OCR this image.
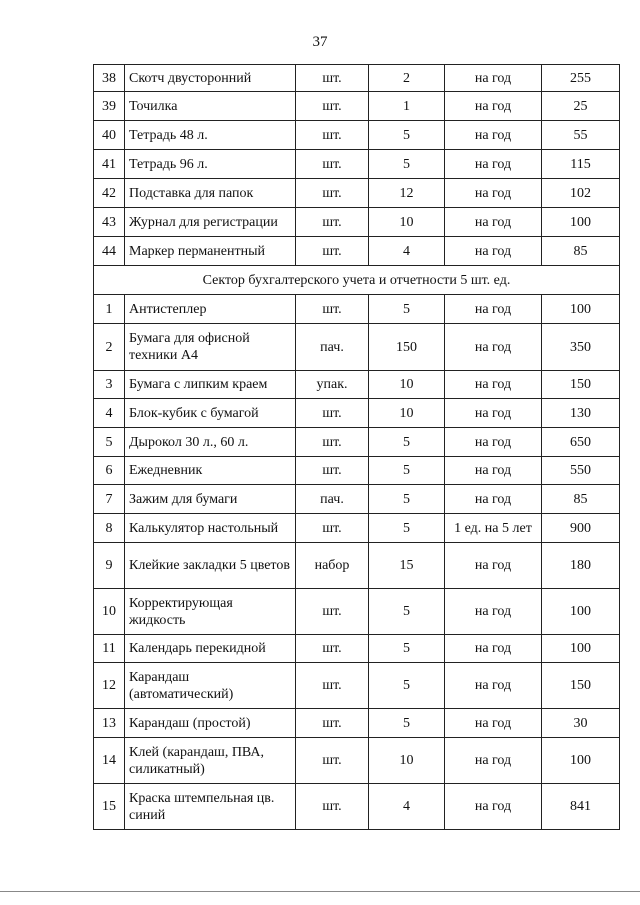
37
38	Скотч двусторонний	шт.	2	на год	255
39	Точилка	шт.	1	на год	25
40	Тетрадь 48 л.	шт.	5	на год	55
41	Тетрадь 96 л.	шт.	5	на год	115
42	Подставка для папок	шт.	12	на год	102
43	Журнал для регистрации	шт.	10	на год	100
44	Маркер перманентный	шт.	4	на год	85
Сектор бухгалтерского учета и отчетности 5 шт. ед.					
1	Антистеплер	шт.	5	на год	100
2	Бумага для офисной техники А4	пач.	150	на год	350
3	Бумага с липким краем	упак.	10	на год	150
4	Блок-кубик с бумагой	шт.	10	на год	130
5	Дырокол 30 л., 60 л.	шт.	5	на год	650
6	Ежедневник	шт.	5	на год	550
7	Зажим для бумаги	пач.	5	на год	85
8	Калькулятор настольный	шт.	5	1 ед. на 5 лет	900
9	Клейкие закладки 5 цветов	набор	15	на год	180
10	Корректирующая жидкость	шт.	5	на год	100
11	Календарь перекидной	шт.	5	на год	100
12	Карандаш (автоматический)	шт.	5	на год	150
13	Карандаш (простой)	шт.	5	на год	30
14	Клей (карандаш, ПВА, силикатный)	шт.	10	на год	100
15	Краска штемпельная цв. синий	шт.	4	на год	841
